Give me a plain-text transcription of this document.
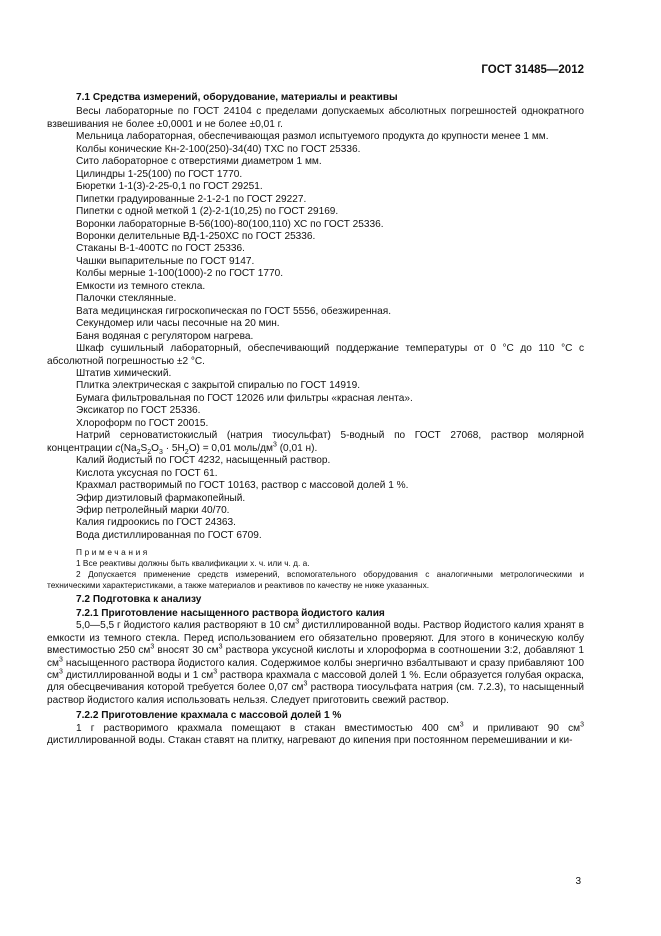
ГОСТ 31485—2012

7.1 Средства измерений, оборудование, материалы и реактивы

Весы лабораторные по ГОСТ 24104 с пределами допускаемых абсолютных погрешностей однократного взвешивания не более ±0,0001 и не более ±0,01 г.

Мельница лабораторная, обеспечивающая размол испытуемого продукта до крупности менее 1 мм.

Колбы конические Кн-2-100(250)-34(40) ТХС по ГОСТ 25336.

Сито лабораторное с отверстиями диаметром 1 мм.

Цилиндры 1-25(100) по ГОСТ 1770.

Бюретки 1-1(3)-2-25-0,1 по ГОСТ 29251.

Пипетки градуированные 2-1-2-1 по ГОСТ 29227.

Пипетки с одной меткой 1 (2)-2-1(10,25) по ГОСТ 29169.

Воронки лабораторные В-56(100)-80(100,110) ХС по ГОСТ 25336.

Воронки делительные ВД-1-250ХС по ГОСТ 25336.

Стаканы В-1-400ТС по ГОСТ 25336.

Чашки выпарительные по ГОСТ 9147.

Колбы мерные 1-100(1000)-2 по ГОСТ 1770.

Емкости из темного стекла.

Палочки стеклянные.

Вата медицинская гигроскопическая по ГОСТ 5556, обезжиренная.

Секундомер или часы песочные на 20 мин.

Баня водяная с регулятором нагрева.

Шкаф сушильный лабораторный, обеспечивающий поддержание температуры от 0 °С до 110 °С с абсолютной погрешностью ±2 °С.

Штатив химический.

Плитка электрическая с закрытой спиралью по ГОСТ 14919.

Бумага фильтровальная по ГОСТ 12026 или фильтры «красная лента».

Эксикатор по ГОСТ 25336.

Хлороформ по ГОСТ 20015.

Натрий серноватистокислый (натрия тиосульфат) 5-водный по ГОСТ 27068, раствор молярной концентрации $c(Na_2S_2O_3 \cdot 5H_2O) = 0,01$ моль/$дм^3$ (0,01 н).

Калий йодистый по ГОСТ 4232, насыщенный раствор.

Кислота уксусная по ГОСТ 61.

Крахмал растворимый по ГОСТ 10163, раствор с массовой долей 1 %.

Эфир диэтиловый фармакопейный.

Эфир петролейный марки 40/70.

Калия гидроокись по ГОСТ 24363.

Вода дистиллированная по ГОСТ 6709.

Примечания

1 Все реактивы должны быть квалификации х. ч. или ч. д. а.

2 Допускается применение средств измерений, вспомогательного оборудования с аналогичными метрологическими и техническими характеристиками, а также материалов и реактивов по качеству не ниже указанных.

7.2 Подготовка к анализу

7.2.1 Приготовление насыщенного раствора йодистого калия

5,0—5,5 г йодистого калия растворяют в 10 $см^3$ дистиллированной воды. Раствор йодистого калия хранят в емкости из темного стекла. Перед использованием его обязательно проверяют. Для этого в коническую колбу вместимостью 250 $см^3$ вносят 30 $см^3$ раствора уксусной кислоты и хлороформа в соотношении 3:2, добавляют 1 $см^3$ насыщенного раствора йодистого калия. Содержимое колбы энергично взбалтывают и сразу прибавляют 100 $см^3$ дистиллированной воды и 1 $см^3$ раствора крахмала с массовой долей 1 %. Если образуется голубая окраска, для обесцвечивания которой требуется более 0,07 $см^3$ раствора тиосульфата натрия (см. 7.2.3), то насыщенный раствор йодистого калия использовать нельзя. Следует приготовить свежий раствор.

7.2.2 Приготовление крахмала с массовой долей 1 %

1 г растворимого крахмала помещают в стакан вместимостью 400 $см^3$ и приливают 90 $см^3$ дистиллированной воды. Стакан ставят на плитку, нагревают до кипения при постоянном перемешивании и ки-

3
